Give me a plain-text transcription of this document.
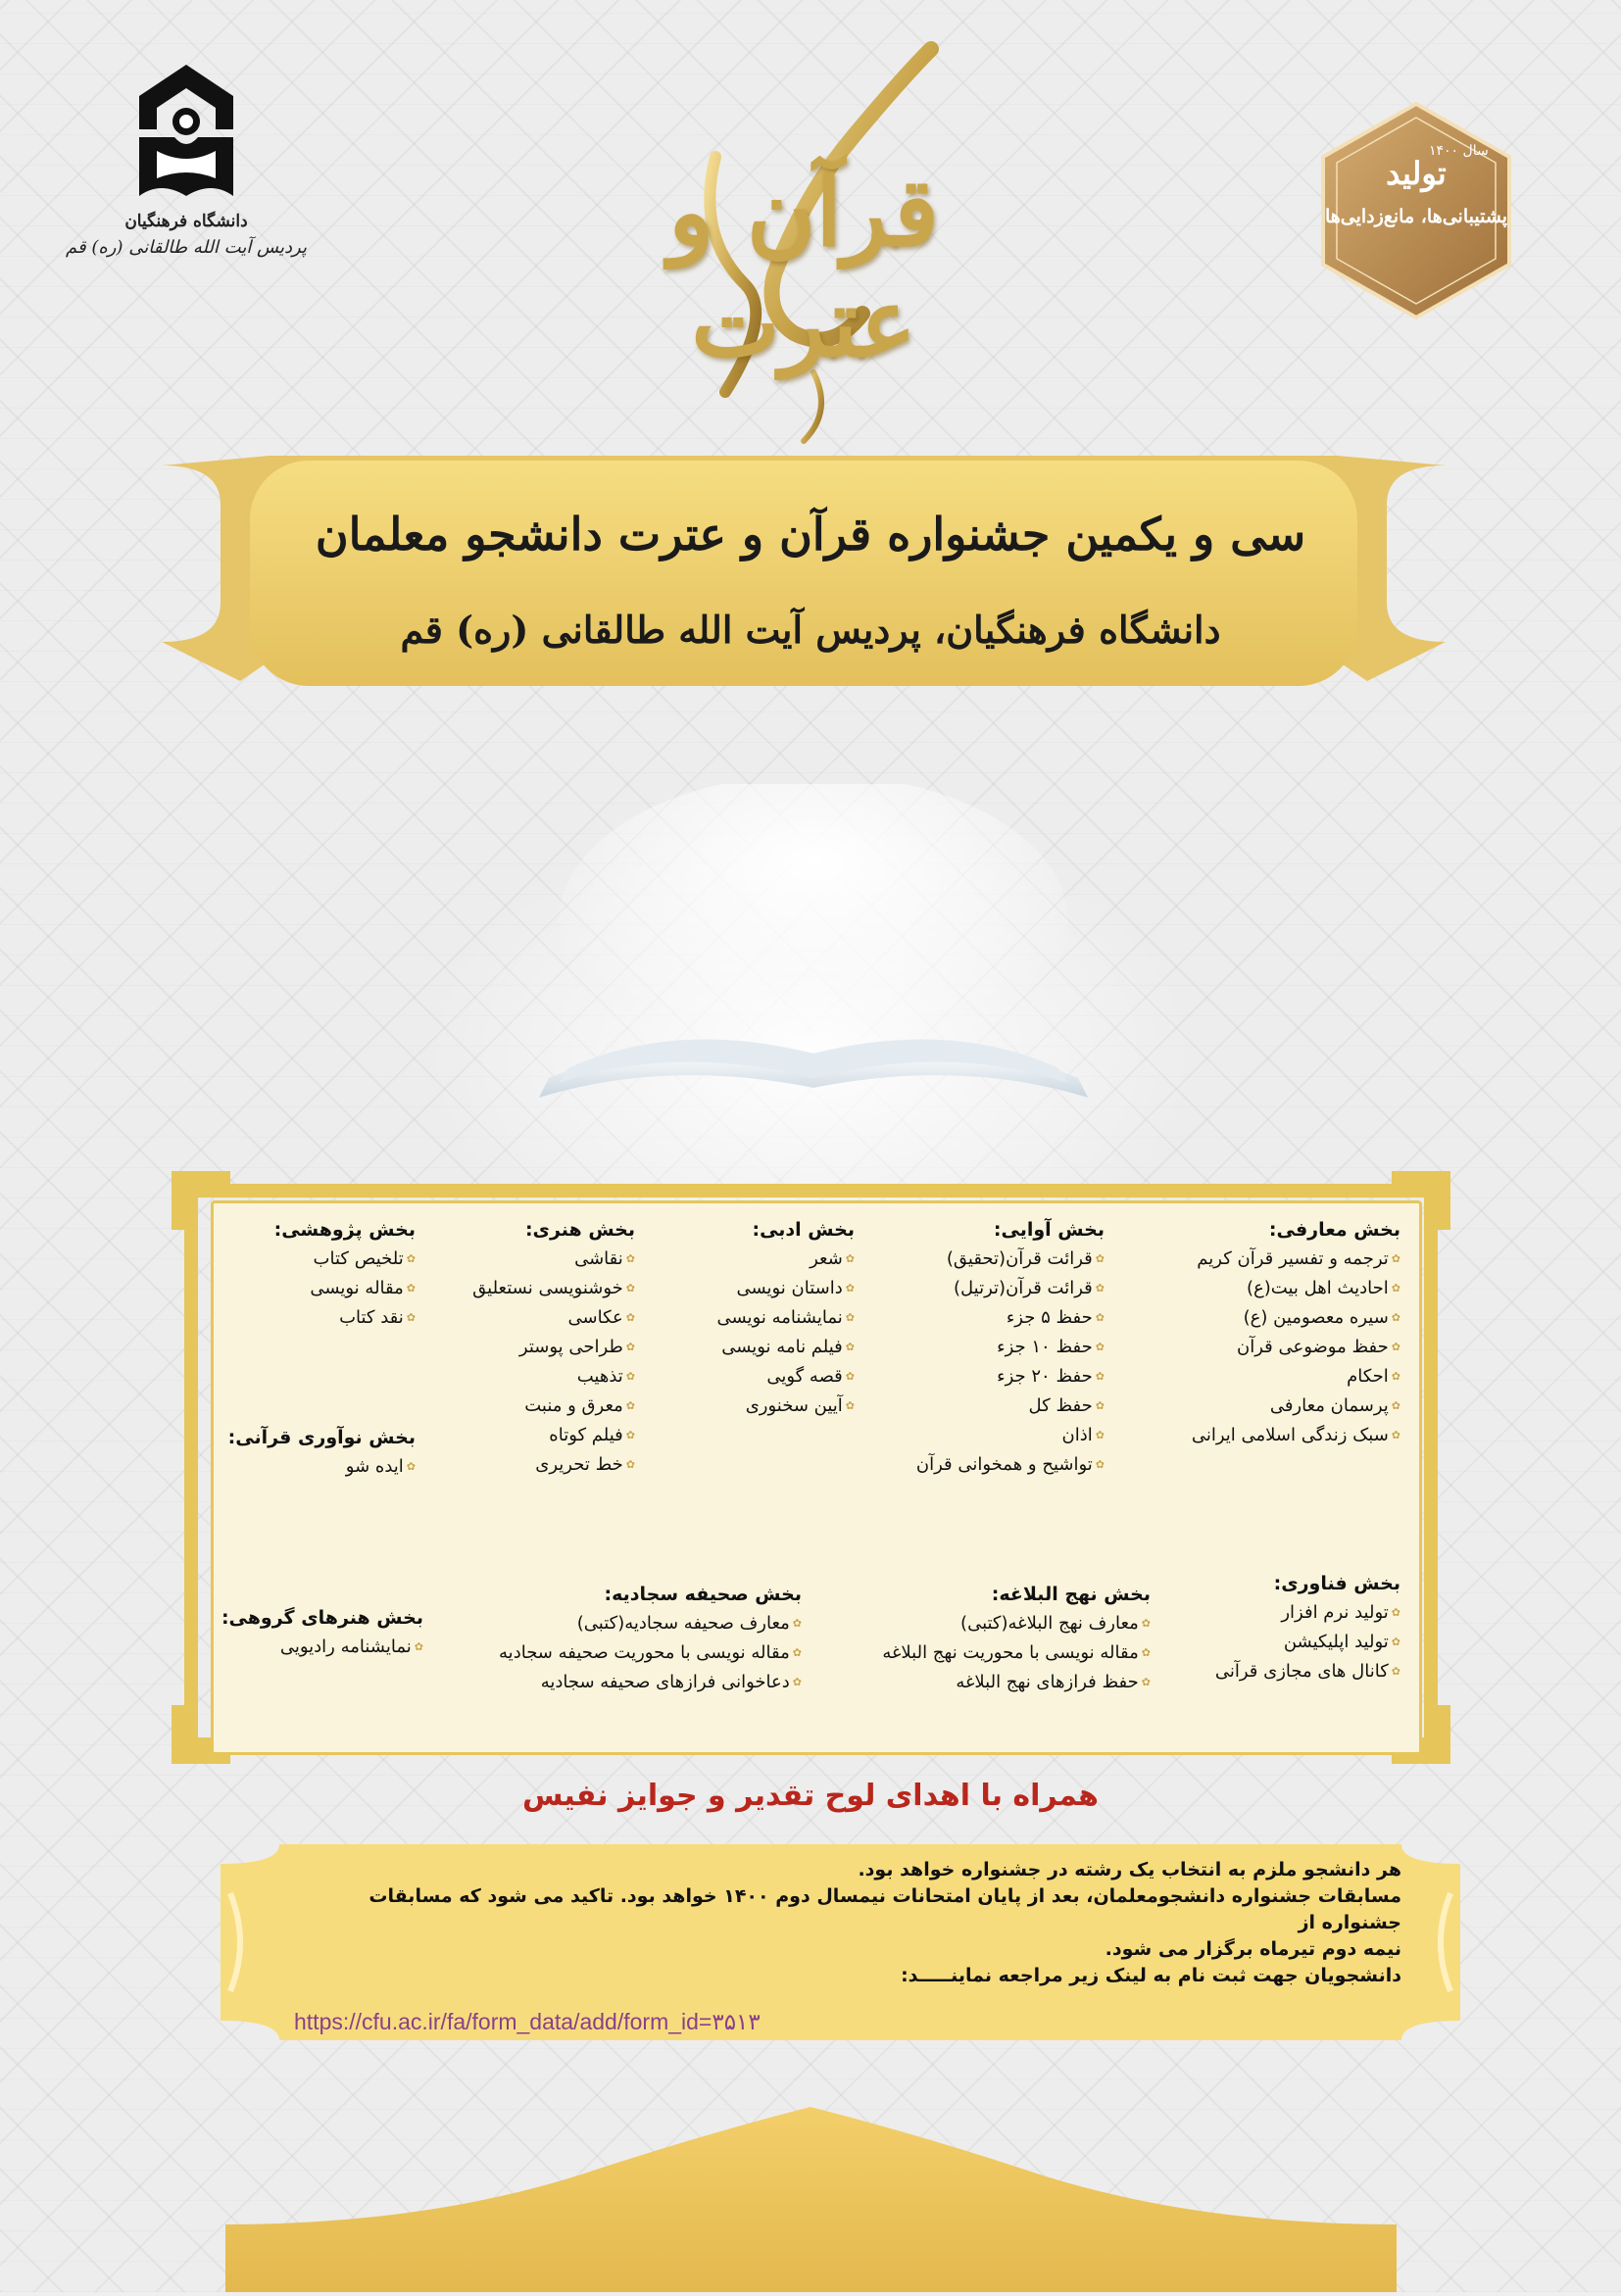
دانشگاه فرهنگیان
پردیس آیت الله طالقانی (ره) قم
سال ۱۴۰۰
تولید
پشتیبانی‌ها، مانع‌زدایی‌ها
قرآن و عترت
سی و یکمین جشنواره قرآن و عترت دانشجو معلمان
دانشگاه فرهنگیان، پردیس آیت الله طالقانی (ره) قم
بخش معارفی:
✿ ترجمه و تفسیر قرآن کریم
✿ احادیث اهل بیت(ع)
✿ سیره معصومین (ع)
✿ حفظ موضوعی قرآن
✿ احکام
✿ پرسمان معارفی
✿ سبک زندگی اسلامی ایرانی
بخش آوایی:
✿ قرائت قرآن(تحقیق)
✿ قرائت قرآن(ترتیل)
✿ حفظ ۵ جزء
✿ حفظ ۱۰ جزء
✿ حفظ ۲۰ جزء
✿ حفظ کل
✿ اذان
✿ تواشیح و همخوانی قرآن
بخش ادبی:
✿ شعر
✿ داستان نویسی
✿ نمایشنامه نویسی
✿ فیلم نامه نویسی
✿ قصه گویی
✿ آیین سخنوری
بخش هنری:
✿ نقاشی
✿ خوشنویسی نستعلیق
✿ عکاسی
✿ طراحی پوستر
✿ تذهیب
✿ معرق و منبت
✿ فیلم کوتاه
✿ خط تحریری
بخش پژوهشی:
✿ تلخیص کتاب
✿ مقاله نویسی
✿ نقد کتاب
بخش نوآوری قرآنی:
✿ ایده شو
بخش فناوری:
✿ تولید نرم افزار
✿ تولید اپلیکیشن
✿ کانال های مجازی قرآنی
بخش نهج البلاغه:
✿ معارف نهج البلاغه(کتبی)
✿ مقاله نویسی با محوریت نهج البلاغه
✿ حفظ فرازهای نهج البلاغه
بخش صحیفه سجادیه:
✿ معارف صحیفه سجادیه(کتبی)
✿ مقاله نویسی با محوریت صحیفه سجادیه
✿ دعاخوانی فرازهای صحیفه سجادیه
بخش هنرهای گروهی:
✿ نمایشنامه رادیویی
همراه با اهدای لوح تقدیر و جوایز نفیس

هر دانشجو ملزم به انتخاب یک رشته در جشنواره خواهد بود.

مسابقات جشنواره دانشجومعلمان، بعد از پایان امتحانات نیمسال دوم ۱۴۰۰ خواهد بود. تاکید می شود که مسابقات جشنواره از

نیمه دوم تیرماه برگزار می شود.

دانشجویان جهت ثبت نام به لینک زیر مراجعه نماینـــــد:

https://cfu.ac.ir/fa/form_data/add/form_id=۳۵۱۳
